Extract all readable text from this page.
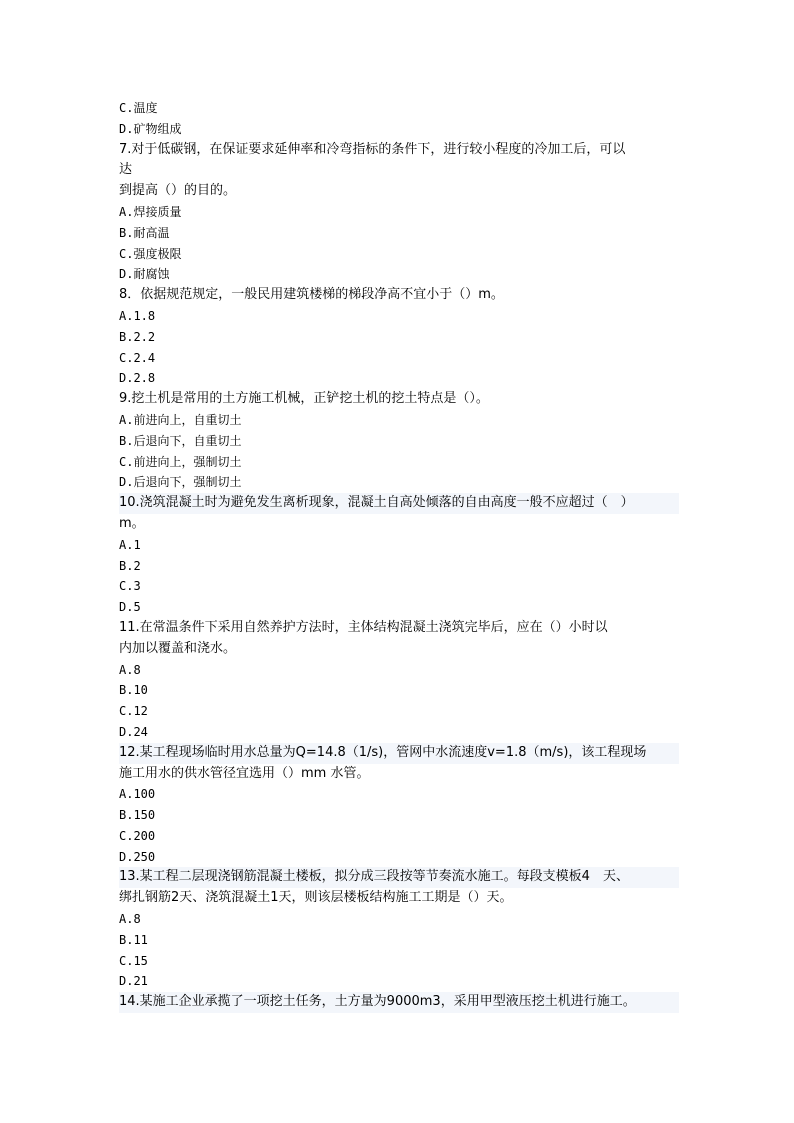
C.温度
D.矿物组成
7.对于低碳钢，在保证要求延伸率和冷弯指标的条件下，进行较小程度的冷加工后，可以
达
到提高（）的目的。
A.焊接质量
B.耐高温
C.强度极限
D.耐腐蚀
8．依据规范规定，一般民用建筑楼梯的梯段净高不宜小于（）m。
A.1.8
B.2.2
C.2.4
D.2.8
9.挖土机是常用的土方施工机械，正铲挖土机的挖土特点是（）。
A.前进向上，自重切土
B.后退向下，自重切土
C.前进向上，强制切土
D.后退向下，强制切土
10.浇筑混凝土时为避免发生离析现象，混凝土自高处倾落的自由高度一般不应超过（　）
m。
A.1
B.2
C.3
D.5
11.在常温条件下采用自然养护方法时，主体结构混凝土浇筑完毕后，应在（）小时以
内加以覆盖和浇水。
A.8
B.10
C.12
D.24
12.某工程现场临时用水总量为Q=14.8（1/s)，管网中水流速度v=1.8（m/s)，该工程现场
施工用水的供水管径宜选用（）mm 水管。
A.100
B.150
C.200
D.250
13.某工程二层现浇钢筋混凝土楼板，拟分成三段按等节奏流水施工。每段支模板4　天、
绑扎钢筋2天、浇筑混凝土1天，则该层楼板结构施工工期是（）天。
A.8
B.11
C.15
D.21
14.某施工企业承揽了一项挖土任务，土方量为9000m3，采用甲型液压挖土机进行施工。
